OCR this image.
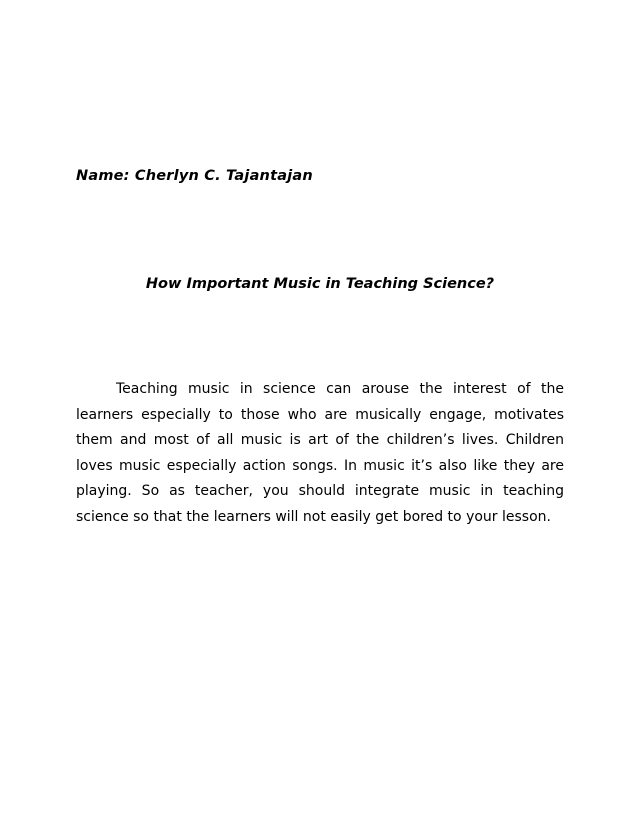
Name: Cherlyn C. Tajantajan
How Important Music in Teaching Science?

Teaching music in science can arouse the interest of the learners especially to those who are musically engage, motivates them and most of all music is art of the children’s lives. Children loves music especially action songs. In music it’s also like they are playing. So as teacher, you should integrate music in teaching science so that the learners will not easily get bored to your lesson.
